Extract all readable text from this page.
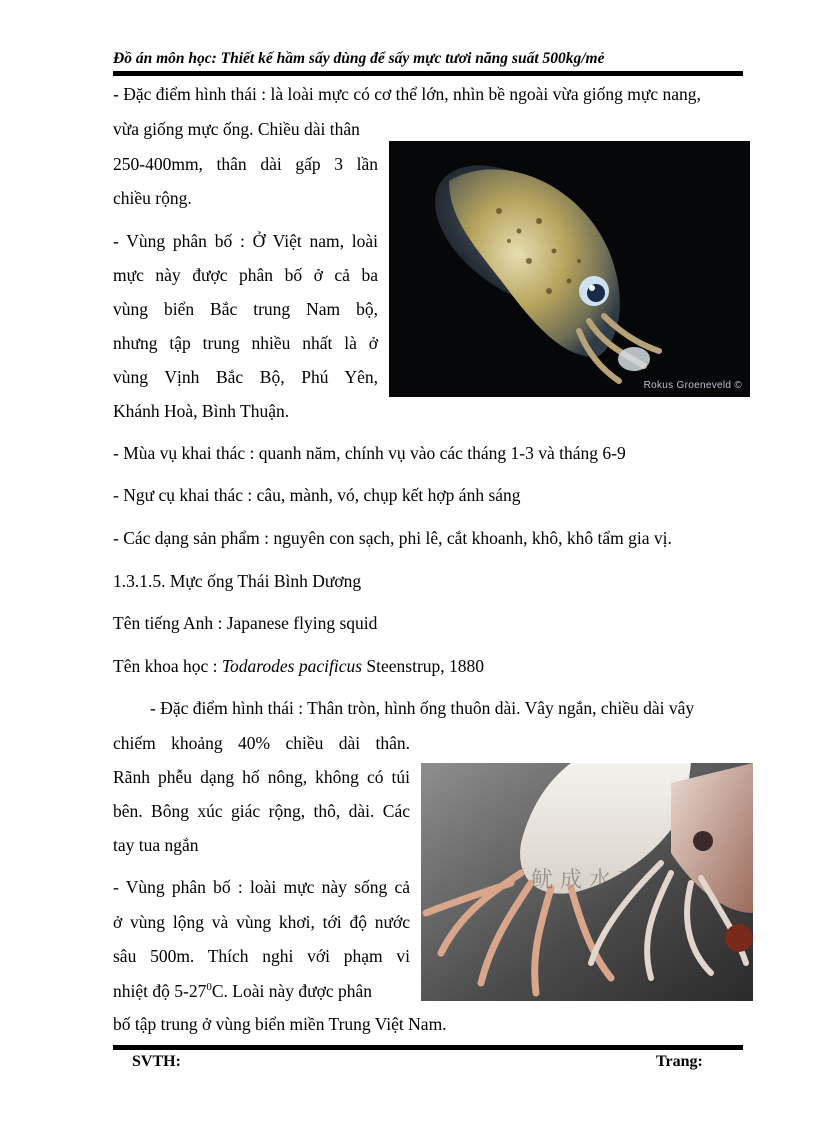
Đồ án môn học: Thiết kế hầm sấy dùng để sấy mực tươi năng suất 500kg/mẻ
- Đặc điểm hình thái : là loài mực có cơ thể lớn, nhìn bề ngoài vừa giống mực nang,
vừa giống mực ống. Chiều dài thân
250-400mm, thân dài gấp 3 lần
chiều rộng.
- Vùng phân bố : Ở Việt nam, loài
mực này được phân bố ở cả ba
vùng biển Bắc trung Nam bộ,
nhưng tập trung nhiều nhất là ở
vùng Vịnh Bắc Bộ, Phú Yên,
Khánh Hoà, Bình Thuận.
Rokus Groeneveld ©
- Mùa vụ khai thác : quanh năm, chính vụ vào các tháng 1-3 và tháng 6-9
- Ngư cụ khai thác : câu, mành, vó, chụp kết hợp ánh sáng
- Các dạng sản phẩm : nguyên con sạch, phi lê, cắt khoanh, khô, khô tẩm gia vị.
1.3.1.5. Mực ống Thái Bình Dương
Tên tiếng Anh : Japanese flying squid
Tên khoa học : Todarodes pacificus Steenstrup, 1880
- Đặc điểm hình thái : Thân tròn, hình ống thuôn dài. Vây ngắn, chiều dài vây
chiếm khoảng 40% chiều dài thân.
Rãnh phễu dạng hố nông, không có túi
bên. Bông xúc giác rộng, thô, dài. Các
tay tua ngắn
- Vùng phân bố : loài mực này sống cả
ở vùng lộng và vùng khơi, tới độ nước
sâu 500m. Thích nghi với phạm vi
nhiệt độ $5-27^0C$. Loài này được phân
bố tập trung ở vùng biển miền Trung Việt Nam.
鱿 成 水 产
SVTH:	Trang:
